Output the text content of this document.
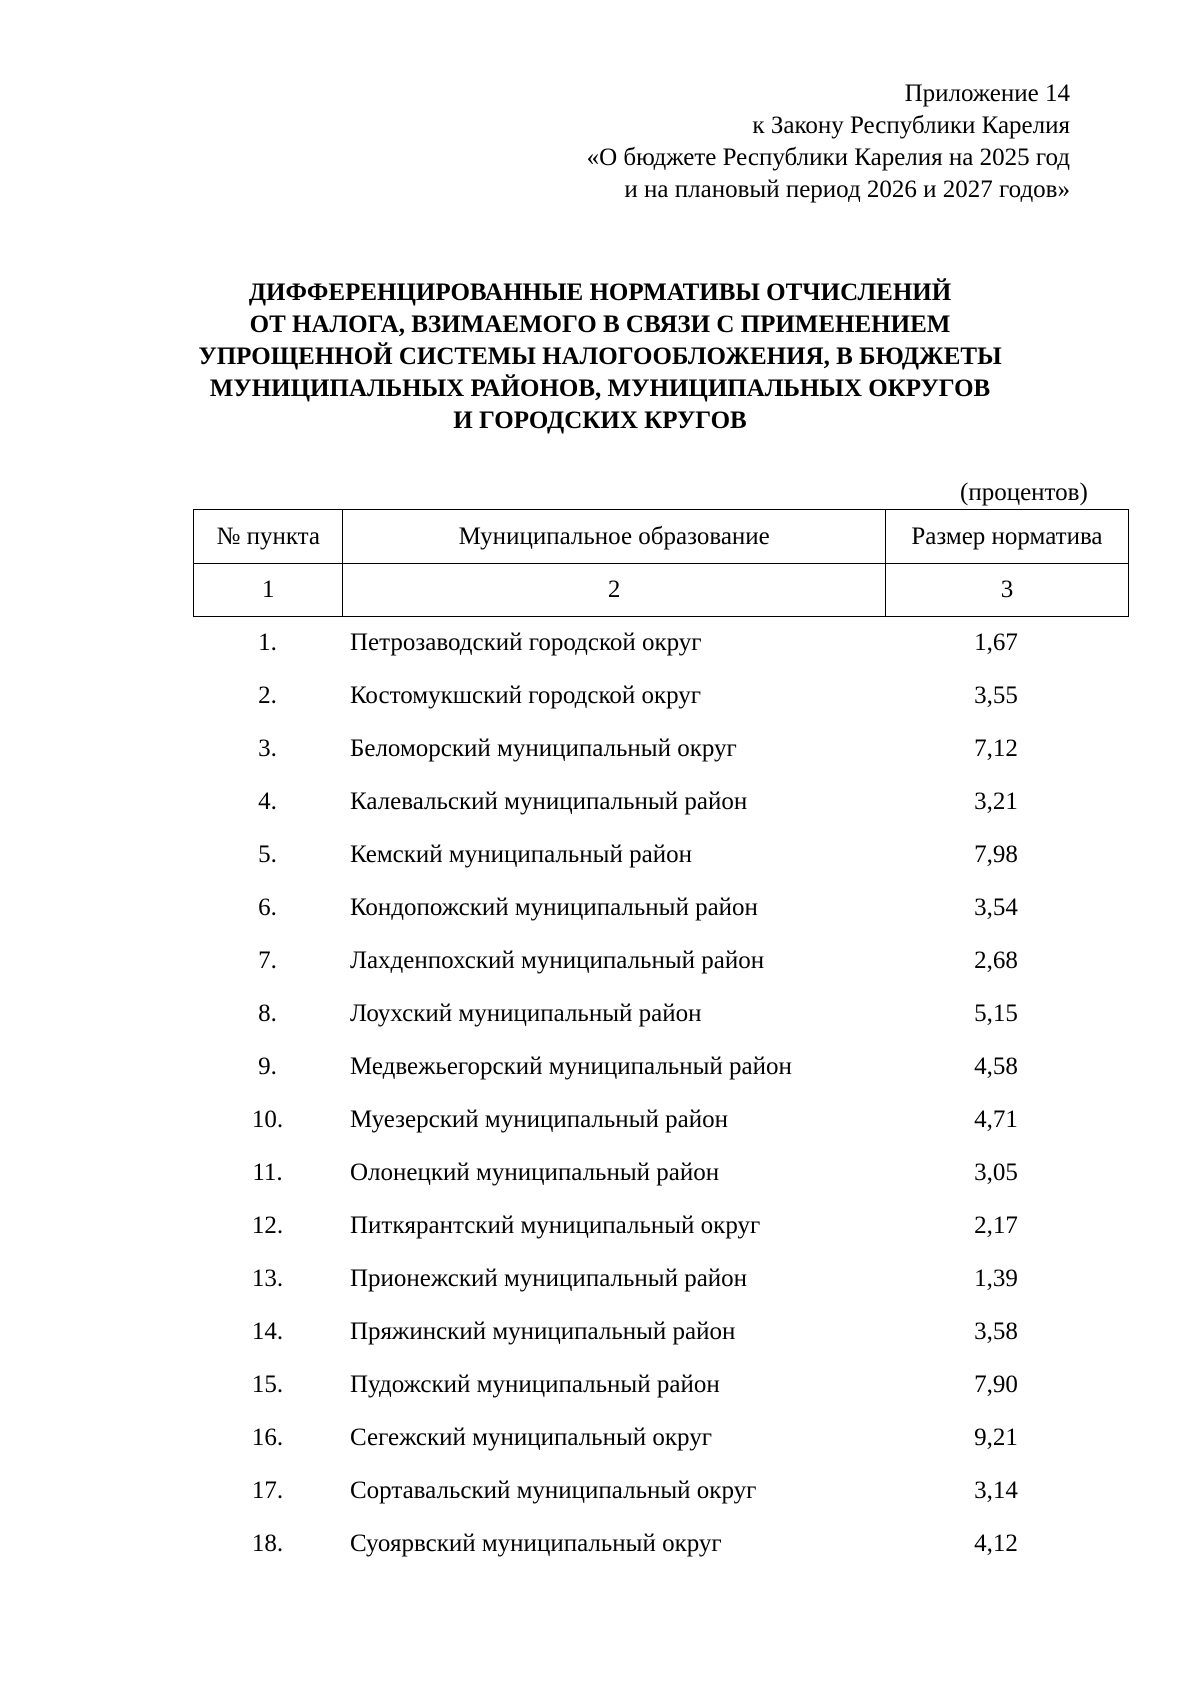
Приложение 14
к Закону Республики Карелия
«О бюджете Республики Карелия на 2025 год
и на плановый период 2026 и 2027 годов»
ДИФФЕРЕНЦИРОВАННЫЕ НОРМАТИВЫ ОТЧИСЛЕНИЙ
ОТ НАЛОГА, ВЗИМАЕМОГО В СВЯЗИ С ПРИМЕНЕНИЕМ
УПРОЩЕННОЙ СИСТЕМЫ НАЛОГООБЛОЖЕНИЯ, В БЮДЖЕТЫ
МУНИЦИПАЛЬНЫХ РАЙОНОВ, МУНИЦИПАЛЬНЫХ ОКРУГОВ
И ГОРОДСКИХ КРУГОВ
(процентов)
№ пункта	Муниципальное образование	Размер норматива
1	2	3
1.	Петрозаводский городской округ	1,67
2.	Костомукшский городской округ	3,55
3.	Беломорский муниципальный округ	7,12
4.	Калевальский муниципальный район	3,21
5.	Кемский муниципальный район	7,98
6.	Кондопожский муниципальный район	3,54
7.	Лахденпохский муниципальный район	2,68
8.	Лоухский муниципальный район	5,15
9.	Медвежьегорский муниципальный район	4,58
10.	Муезерский муниципальный район	4,71
11.	Олонецкий муниципальный район	3,05
12.	Питкярантский муниципальный округ	2,17
13.	Прионежский муниципальный район	1,39
14.	Пряжинский муниципальный район	3,58
15.	Пудожский муниципальный район	7,90
16.	Сегежский муниципальный округ	9,21
17.	Сортавальский муниципальный округ	3,14
18.	Суоярвский муниципальный округ	4,12
